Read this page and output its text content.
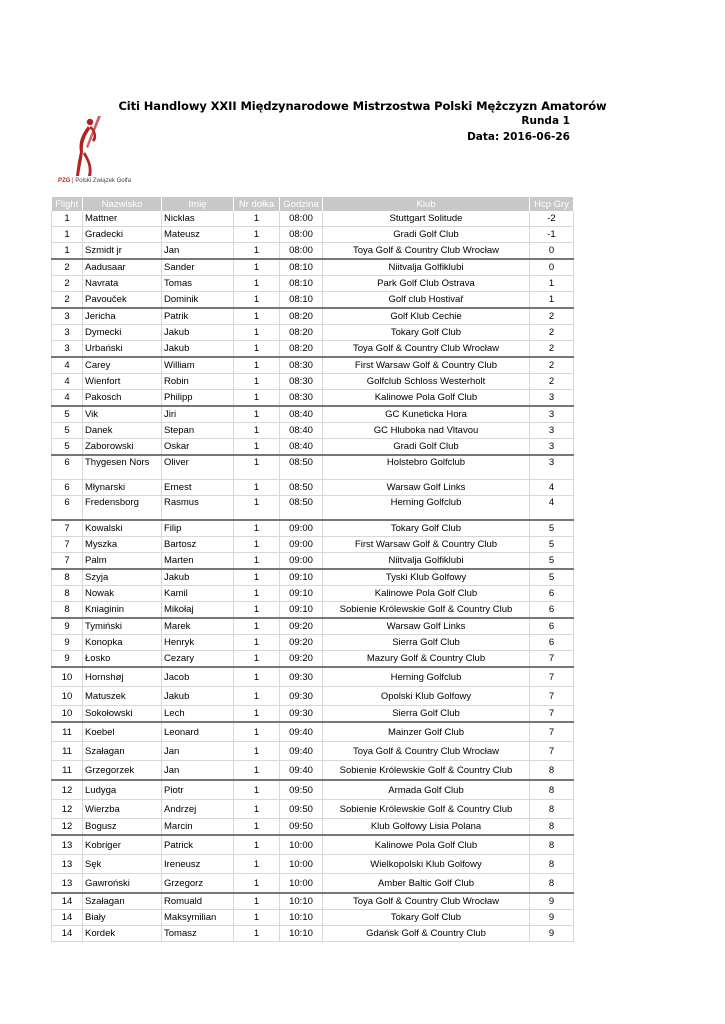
Citi Handlowy XXII Międzynarodowe Mistrzostwa Polski Mężczyzn Amatorów
Runda 1
Data: 2016-06-26
PZG | Polski Związek Golfa
Flight	Nazwisko	Imię	Nr dołka	Godzina	Klub	Hcp Gry
1	Mattner	Nicklas	1	08:00	Stuttgart Solitude	-2
1	Gradecki	Mateusz	1	08:00	Gradi Golf Club	-1
1	Szmidt jr	Jan	1	08:00	Toya Golf & Country Club Wrocław	0
2	Aadusaar	Sander	1	08:10	Niitvalja Golfiklubi	0
2	Navrata	Tomas	1	08:10	Park Golf Club Ostrava	1
2	Pavouček	Dominik	1	08:10	Golf club Hostivař	1
3	Jericha	Patrik	1	08:20	Golf Klub Cechie	2
3	Dymecki	Jakub	1	08:20	Tokary Golf Club	2
3	Urbański	Jakub	1	08:20	Toya Golf & Country Club Wrocław	2
4	Carey	William	1	08:30	First Warsaw Golf & Country Club	2
4	Wienfort	Robin	1	08:30	Golfclub Schloss Westerholt	2
4	Pakosch	Philipp	1	08:30	Kalinowe Pola Golf Club	3
5	Vik	Jiri	1	08:40	GC Kuneticka Hora	3
5	Danek	Stepan	1	08:40	GC Hluboka nad Vltavou	3
5	Zaborowski	Oskar	1	08:40	Gradi Golf Club	3
6	Thygesen Nors	Oliver	1	08:50	Holstebro Golfclub	3
6	Młynarski	Ernest	1	08:50	Warsaw Golf Links	4
6	Fredensborg	Rasmus	1	08:50	Herning Golfclub	4
7	Kowalski	Filip	1	09:00	Tokary Golf Club	5
7	Myszka	Bartosz	1	09:00	First Warsaw Golf & Country Club	5
7	Palm	Marten	1	09:00	Niitvalja Golfiklubi	5
8	Szyja	Jakub	1	09:10	Tyski Klub Golfowy	5
8	Nowak	Kamil	1	09:10	Kalinowe Pola Golf Club	6
8	Kniaginin	Mikołaj	1	09:10	Sobienie Królewskie Golf & Country Club	6
9	Tymiński	Marek	1	09:20	Warsaw Golf Links	6
9	Konopka	Henryk	1	09:20	Sierra Golf Club	6
9	Łosko	Cezary	1	09:20	Mazury Golf & Country Club	7
10	Hornshøj	Jacob	1	09:30	Herning Golfclub	7
10	Matuszek	Jakub	1	09:30	Opolski Klub Golfowy	7
10	Sokołowski	Lech	1	09:30	Sierra Golf Club	7
11	Koebel	Leonard	1	09:40	Mainzer Golf Club	7
11	Szałagan	Jan	1	09:40	Toya Golf & Country Club Wrocław	7
11	Grzegorzek	Jan	1	09:40	Sobienie Królewskie Golf & Country Club	8
12	Ludyga	Piotr	1	09:50	Armada Golf Club	8
12	Wierzba	Andrzej	1	09:50	Sobienie Królewskie Golf & Country Club	8
12	Bogusz	Marcin	1	09:50	Klub Golfowy Lisia Polana	8
13	Kobriger	Patrick	1	10:00	Kalinowe Pola Golf Club	8
13	Sęk	Ireneusz	1	10:00	Wielkopolski Klub Golfowy	8
13	Gawroński	Grzegorz	1	10:00	Amber Baltic Golf Club	8
14	Szałagan	Romuald	1	10:10	Toya Golf & Country Club Wrocław	9
14	Biały	Maksymilian	1	10:10	Tokary Golf Club	9
14	Kordek	Tomasz	1	10:10	Gdańsk Golf & Country Club	9
